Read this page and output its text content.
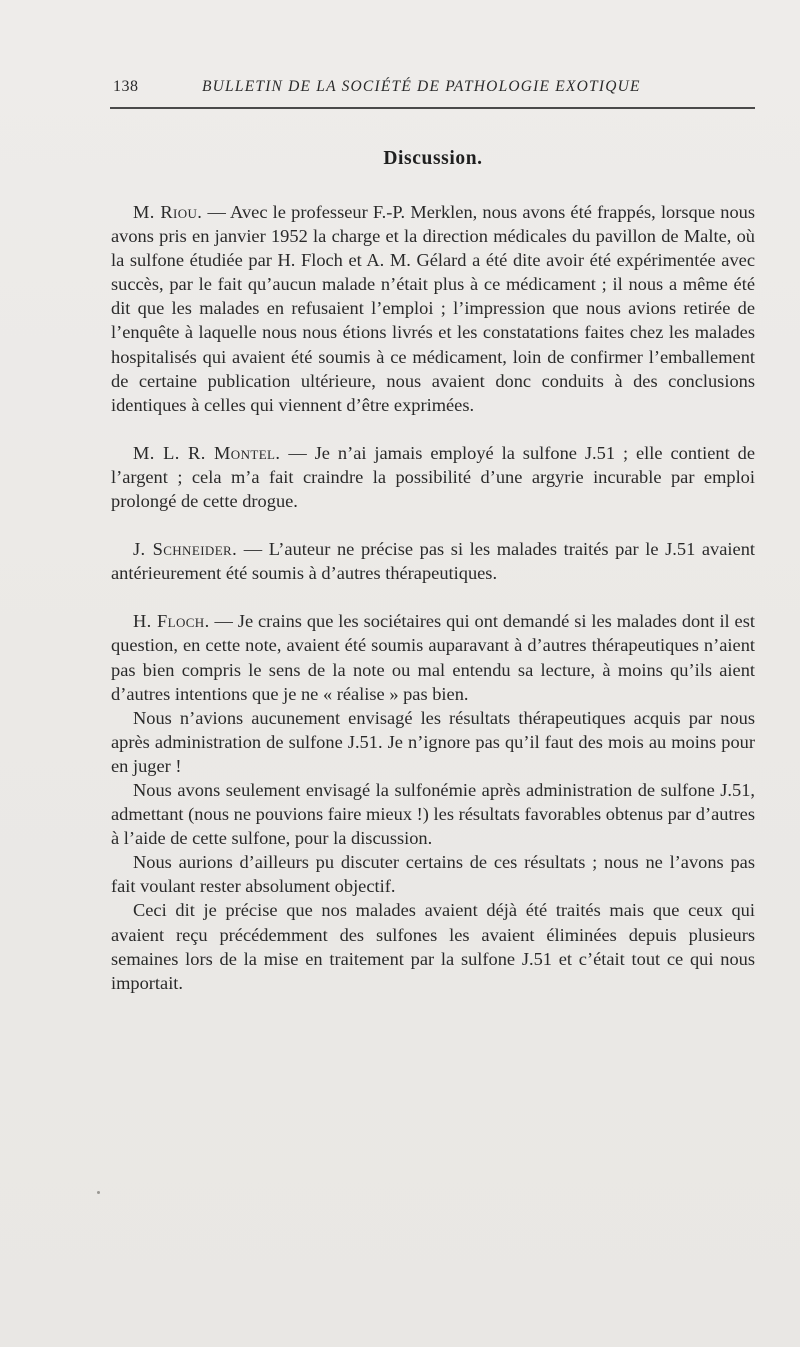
138	BULLETIN DE LA SOCIÉTÉ DE PATHOLOGIE EXOTIQUE
Discussion.

M. Riou. — Avec le professeur F.-P. Merklen, nous avons été frappés, lorsque nous avons pris en janvier 1952 la charge et la direction médicales du pavillon de Malte, où la sulfone étudiée par H. Floch et A. M. Gélard a été dite avoir été expérimentée avec succès, par le fait qu’aucun malade n’était plus à ce médicament ; il nous a même été dit que les malades en refusaient l’emploi ; l’impression que nous avions retirée de l’enquête à laquelle nous nous étions livrés et les constatations faites chez les malades hospitalisés qui avaient été soumis à ce médicament, loin de confirmer l’emballement de certaine publication ultérieure, nous avaient donc conduits à des conclusions identiques à celles qui viennent d’être exprimées.

M. L. R. Montel. — Je n’ai jamais employé la sulfone J.51 ; elle contient de l’argent ; cela m’a fait craindre la possibilité d’une argyrie incurable par emploi prolongé de cette drogue.

J. Schneider. — L’auteur ne précise pas si les malades traités par le J.51 avaient antérieurement été soumis à d’autres thérapeutiques.

H. Floch. — Je crains que les sociétaires qui ont demandé si les malades dont il est question, en cette note, avaient été soumis auparavant à d’autres thérapeutiques n’aient pas bien compris le sens de la note ou mal entendu sa lecture, à moins qu’ils aient d’autres intentions que je ne « réalise » pas bien.

Nous n’avions aucunement envisagé les résultats thérapeutiques acquis par nous après administration de sulfone J.51. Je n’ignore pas qu’il faut des mois au moins pour en juger !

Nous avons seulement envisagé la sulfonémie après administration de sulfone J.51, admettant (nous ne pouvions faire mieux !) les résultats favorables obtenus par d’autres à l’aide de cette sulfone, pour la discussion.

Nous aurions d’ailleurs pu discuter certains de ces résultats ; nous ne l’avons pas fait voulant rester absolument objectif.

Ceci dit je précise que nos malades avaient déjà été traités mais que ceux qui avaient reçu précédemment des sulfones les avaient éliminées depuis plusieurs semaines lors de la mise en traitement par la sulfone J.51 et c’était tout ce qui nous importait.
